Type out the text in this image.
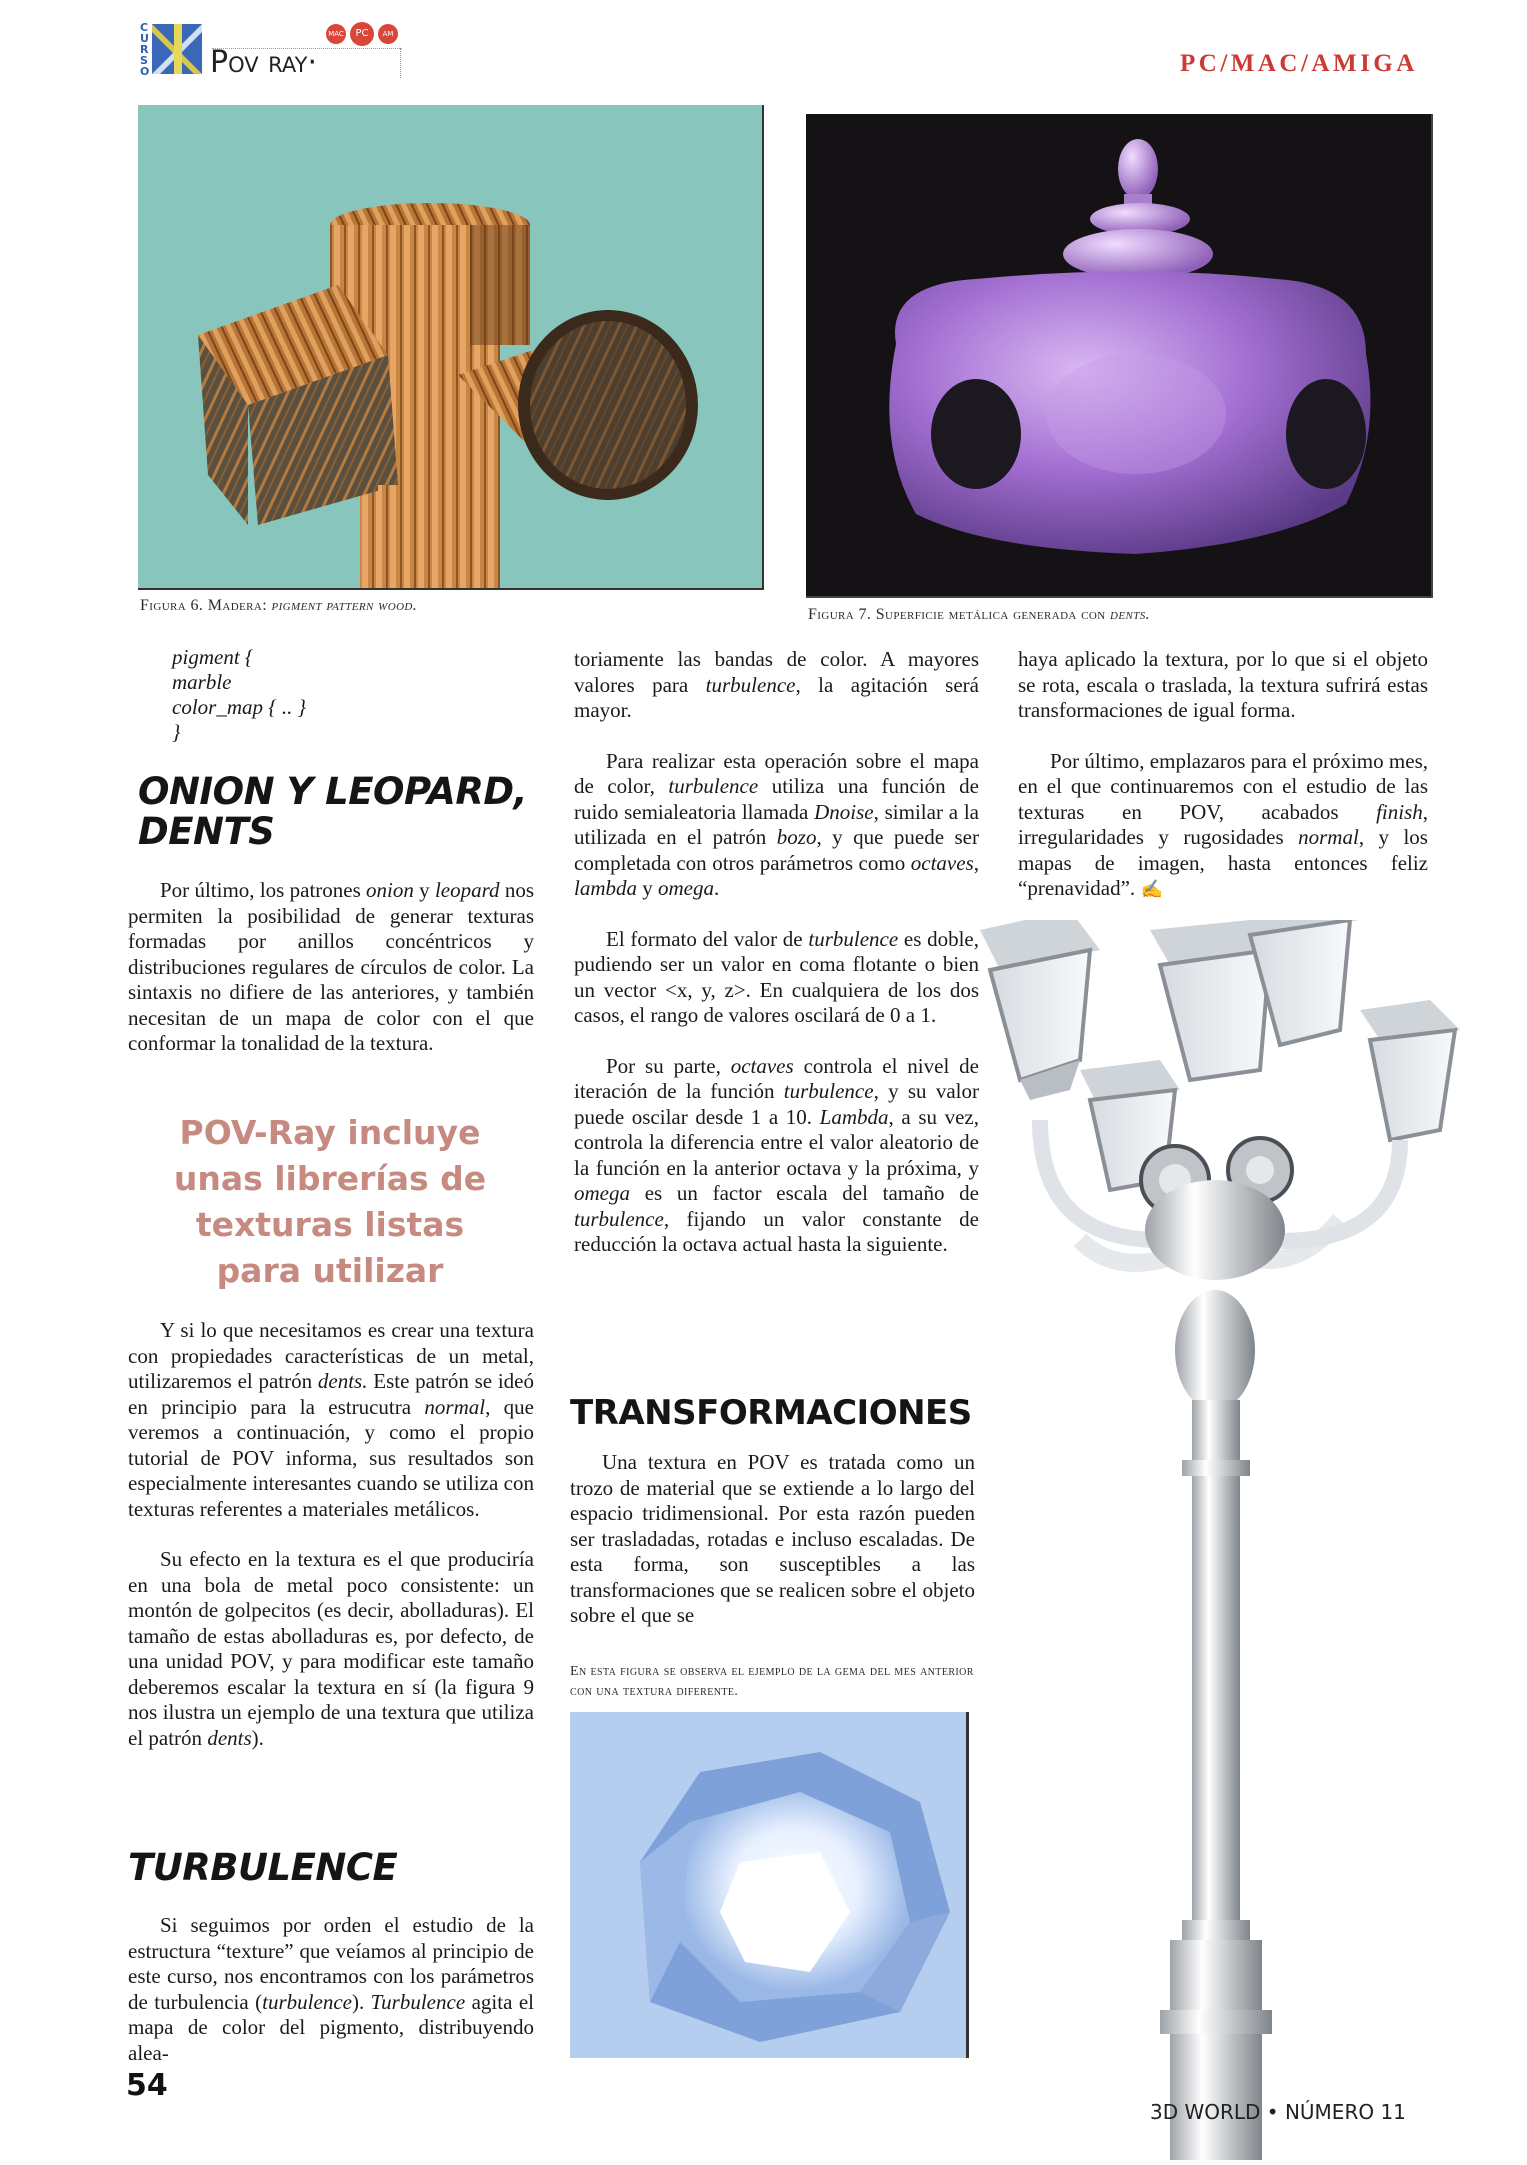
CURSO Pov ray·
MAC	PC	AM
PC/MAC/AMIGA
Figura 6. Madera: pigment pattern wood.
Figura 7. Superficie metálica generada con dents.
pigment {
marble
color_map { .. }
}
ONION Y LEOPARD, DENTS

Por último, los patrones onion y leopard nos permiten la posibilidad de generar texturas formadas por anillos concéntricos y distribuciones regulares de círculos de color. La sintaxis no difiere de las anteriores, y también necesitan de un mapa de color con el que conformar la tonalidad de la textura.

POV-Ray incluye unas librerías de texturas listas para utilizar

Y si lo que necesitamos es crear una textura con propiedades características de un metal, utilizaremos el patrón dents. Este patrón se ideó en principio para la estrucutra normal, que veremos a continuación, y como el propio tutorial de POV informa, sus resultados son especialmente interesantes cuando se utiliza con texturas referentes a materiales metálicos.

Su efecto en la textura es el que produciría en una bola de metal poco consistente: un montón de golpecitos (es decir, abolladuras). El tamaño de estas abolladuras es, por defecto, de una unidad POV, y para modificar este tamaño deberemos escalar la textura en sí (la figura 9 nos ilustra un ejemplo de una textura que utiliza el patrón dents).

TURBULENCE

Si seguimos por orden el estudio de la estructura “texture” que veíamos al principio de este curso, nos encontramos con los parámetros de turbulencia (turbulence). Turbulence agita el mapa de color del pigmento, distribuyendo alea-

toriamente las bandas de color. A mayores valores para turbulence, la agitación será mayor.

Para realizar esta operación sobre el mapa de color, turbulence utiliza una función de ruido semialeatoria llamada Dnoise, similar a la utilizada en el patrón bozo, y que puede ser completada con otros parámetros como octaves, lambda y omega.

El formato del valor de turbulence es doble, pudiendo ser un valor en coma flotante o bien un vector <x, y, z>. En cualquiera de los dos casos, el rango de valores oscilará de 0 a 1.

Por su parte, octaves controla el nivel de iteración de la función turbulence, y su valor puede oscilar desde 1 a 10. Lambda, a su vez, controla la diferencia entre el valor aleatorio de la función en la anterior octava y la próxima, y omega es un factor escala del tamaño de turbulence, fijando un valor constante de reducción la octava actual hasta la siguiente.

TRANSFORMACIONES

Una textura en POV es tratada como un trozo de material que se extiende a lo largo del espacio tridimensional. Por esta razón pueden ser trasladadas, rotadas e incluso escaladas. De esta forma, son susceptibles a las transformaciones que se realicen sobre el objeto sobre el que se

En esta figura se observa el ejemplo de la gema del mes anterior con una textura diferente.

haya aplicado la textura, por lo que si el objeto se rota, escala o traslada, la textura sufrirá estas transformaciones de igual forma.

Por último, emplazaros para el próximo mes, en el que continuaremos con el estudio de las texturas en POV, acabados finish, irregularidades y rugosidades normal, y los mapas de imagen, hasta entonces feliz “prenavidad”. ✍

54
3D WORLD • NÚMERO 11
